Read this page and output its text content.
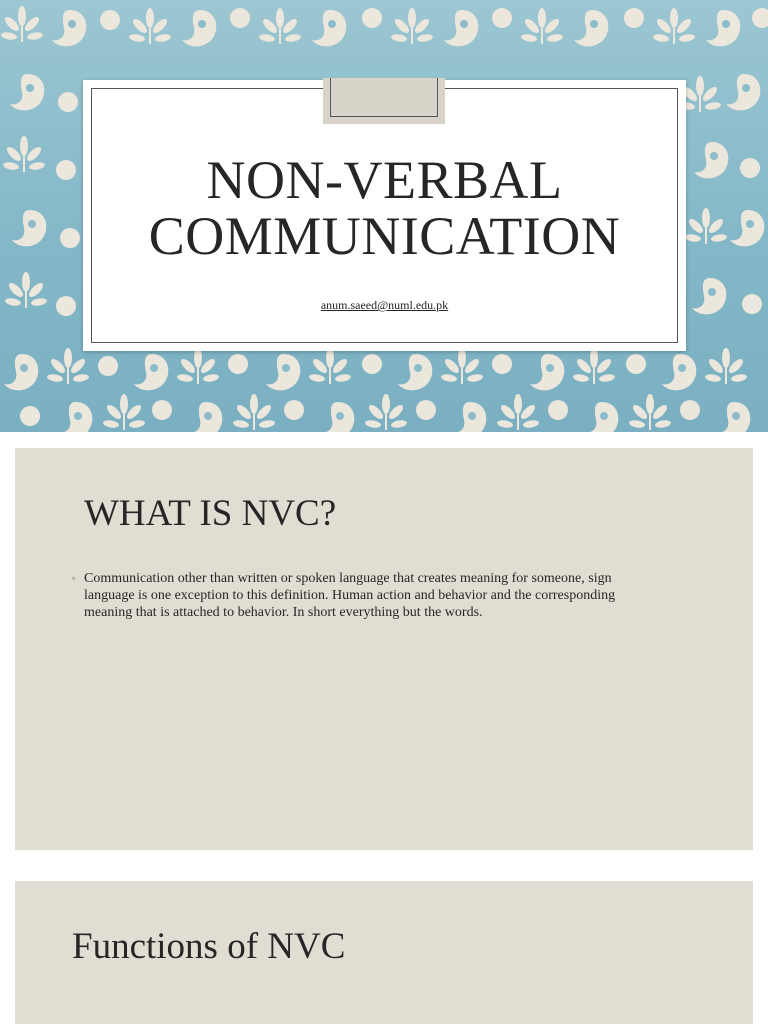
NON-VERBAL
COMMUNICATION
anum.saeed@numl.edu.pk
WHAT IS NVC?
▫ Communication other than written or spoken language that creates meaning for someone, sign language is one exception to this definition. Human action and behavior and the corresponding meaning that is attached to behavior. In short everything but the words.
Functions of NVC
